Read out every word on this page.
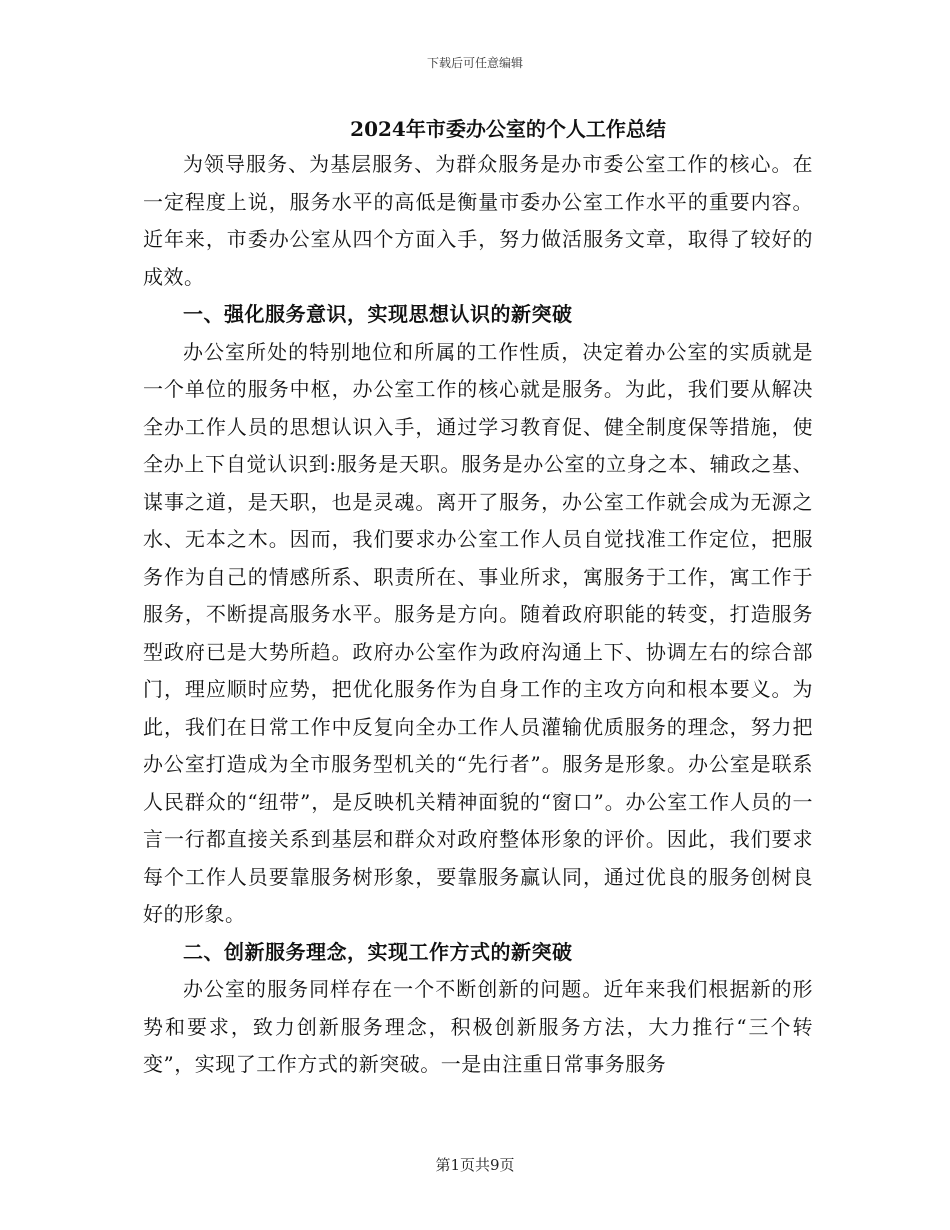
下载后可任意编辑
2024年市委办公室的个人工作总结

为领导服务、为基层服务、为群众服务是办市委公室工作的核心。在一定程度上说，服务水平的高低是衡量市委办公室工作水平的重要内容。近年来，市委办公室从四个方面入手，努力做活服务文章，取得了较好的成效。

一、强化服务意识，实现思想认识的新突破

办公室所处的特别地位和所属的工作性质，决定着办公室的实质就是一个单位的服务中枢，办公室工作的核心就是服务。为此，我们要从解决全办工作人员的思想认识入手，通过学习教育促、健全制度保等措施，使全办上下自觉认识到:服务是天职。服务是办公室的立身之本、辅政之基、谋事之道，是天职，也是灵魂。离开了服务，办公室工作就会成为无源之水、无本之木。因而，我们要求办公室工作人员自觉找准工作定位，把服务作为自己的情感所系、职责所在、事业所求，寓服务于工作，寓工作于服务，不断提高服务水平。服务是方向。随着政府职能的转变，打造服务型政府已是大势所趋。政府办公室作为政府沟通上下、协调左右的综合部门，理应顺时应势，把优化服务作为自身工作的主攻方向和根本要义。为此，我们在日常工作中反复向全办工作人员灌输优质服务的理念，努力把办公室打造成为全市服务型机关的“先行者”。服务是形象。办公室是联系人民群众的“纽带”，是反映机关精神面貌的“窗口”。办公室工作人员的一言一行都直接关系到基层和群众对政府整体形象的评价。因此，我们要求每个工作人员要靠服务树形象，要靠服务赢认同，通过优良的服务创树良好的形象。

二、创新服务理念，实现工作方式的新突破

办公室的服务同样存在一个不断创新的问题。近年来我们根据新的形势和要求，致力创新服务理念，积极创新服务方法，大力推行“三个转变”，实现了工作方式的新突破。一是由注重日常事务服务

第1页共9页
